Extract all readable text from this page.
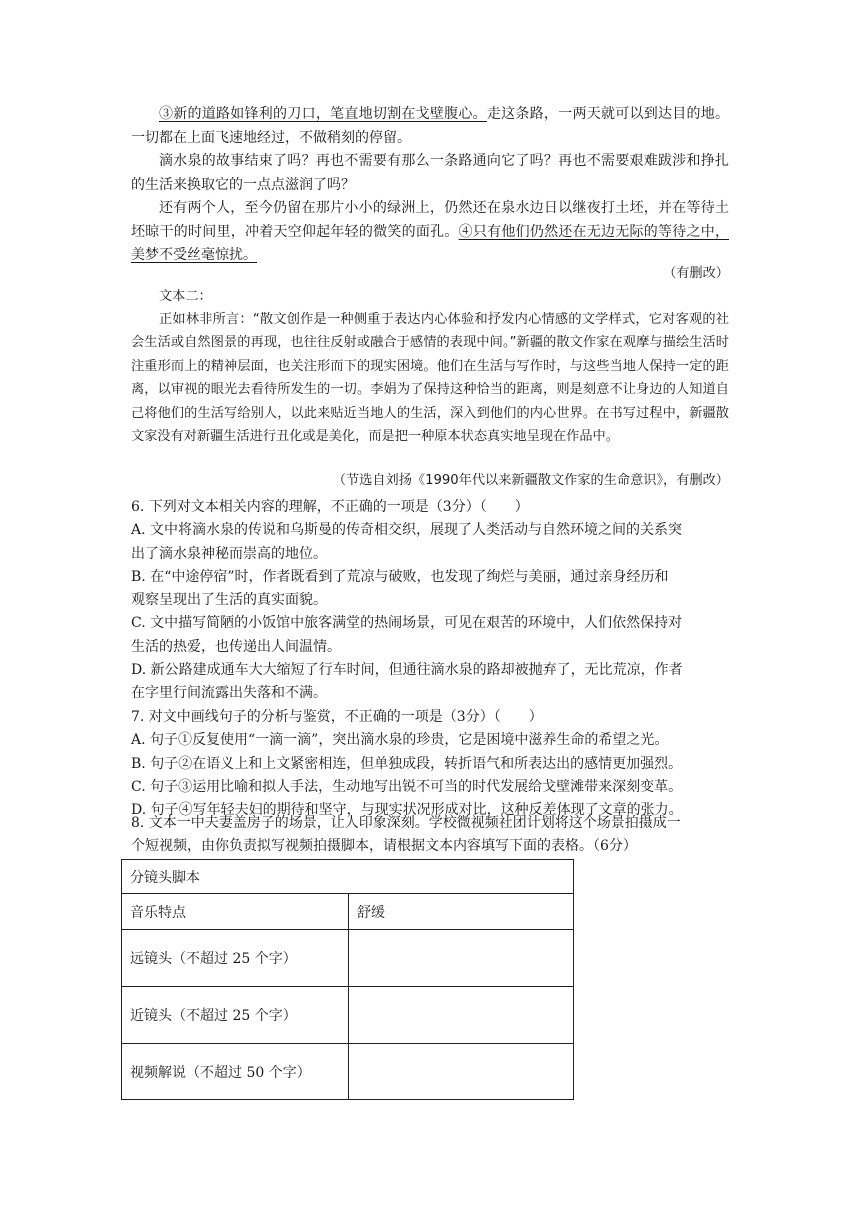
③新的道路如锋利的刀口，笔直地切割在戈壁腹心。走这条路，一两天就可以到达目的地。一切都在上面飞速地经过，不做稍刻的停留。
滴水泉的故事结束了吗？再也不需要有那么一条路通向它了吗？再也不需要艰难跋涉和挣扎的生活来换取它的一点点滋润了吗？
还有两个人，至今仍留在那片小小的绿洲上，仍然还在泉水边日以继夜打土坯，并在等待土坯晾干的时间里，冲着天空仰起年轻的微笑的面孔。④只有他们仍然还在无边无际的等待之中，美梦不受丝毫惊扰。
（有删改）
文本二：
正如林非所言：“散文创作是一种侧重于表达内心体验和抒发内心情感的文学样式，它对客观的社会生活或自然图景的再现，也往往反射或融合于感情的表现中间。”新疆的散文作家在观摩与描绘生活时注重形而上的精神层面，也关注形而下的现实困境。他们在生活与写作时，与这些当地人保持一定的距离，以审视的眼光去看待所发生的一切。李娟为了保持这种恰当的距离，则是刻意不让身边的人知道自己将他们的生活写给别人，以此来贴近当地人的生活，深入到他们的内心世界。在书写过程中，新疆散文家没有对新疆生活进行丑化或是美化，而是把一种原本状态真实地呈现在作品中。
（节选自刘扬《1990年代以来新疆散文作家的生命意识》，有删改）
6. 下列对文本相关内容的理解，不正确的一项是（3分）（　　）
A. 文中将滴水泉的传说和乌斯曼的传奇相交织，展现了人类活动与自然环境之间的关系突
出了滴水泉神秘而崇高的地位。
B. 在“中途停宿”时，作者既看到了荒凉与破败，也发现了绚烂与美丽，通过亲身经历和
观察呈现出了生活的真实面貌。
C. 文中描写简陋的小饭馆中旅客满堂的热闹场景，可见在艰苦的环境中，人们依然保持对
生活的热爱，也传递出人间温情。
D. 新公路建成通车大大缩短了行车时间，但通往滴水泉的路却被抛弃了，无比荒凉，作者
在字里行间流露出失落和不满。
7. 对文中画线句子的分析与鉴赏，不正确的一项是（3分）（　　）
A. 句子①反复使用“一滴一滴”，突出滴水泉的珍贵，它是困境中滋养生命的希望之光。
B. 句子②在语义上和上文紧密相连，但单独成段，转折语气和所表达出的感情更加强烈。
C. 句子③运用比喻和拟人手法，生动地写出锐不可当的时代发展给戈壁滩带来深刻变革。
D. 句子④写年轻夫妇的期待和坚守，与现实状况形成对比，这种反差体现了文章的张力。
8. 文本一中夫妻盖房子的场景，让人印象深刻。学校微视频社团计划将这个场景拍摄成一
个短视频，由你负责拟写视频拍摄脚本，请根据文本内容填写下面的表格。（6分）
分镜头脚本	
音乐特点	舒缓
远镜头（不超过 25 个字）	
近镜头（不超过 25 个字）	
视频解说（不超过 50 个字）	
